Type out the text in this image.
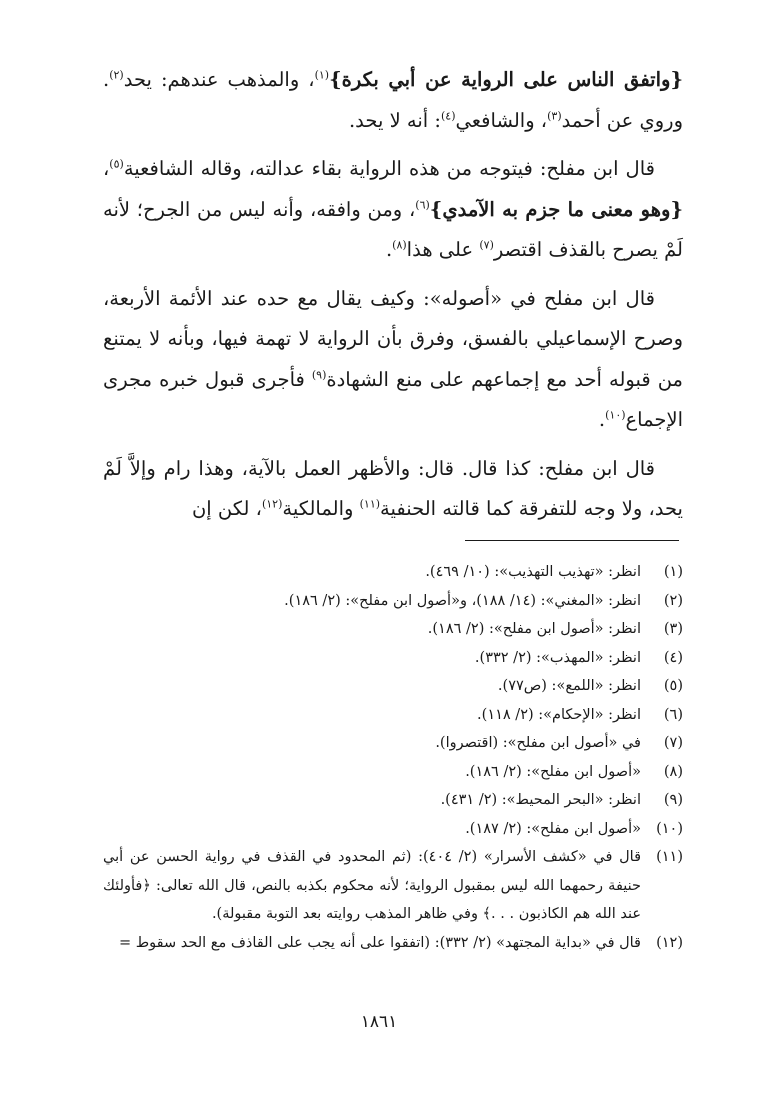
{واتفق الناس على الرواية عن أبي بكرة}$^{(١)}$، والمذهب عندهم: يحد$^{(٢)}$. وروي عن أحمد$^{(٣)}$، والشافعي$^{(٤)}$: أنه لا يحد.

قال ابن مفلح: فيتوجه من هذه الرواية بقاء عدالته، وقاله الشافعية$^{(٥)}$، {وهو معنى ما جزم به الآمدي}$^{(٦)}$، ومن وافقه، وأنه ليس من الجرح؛ لأنه لَمْ يصرح بالقذف اقتصر$^{(٧)}$ على هذا$^{(٨)}$.

قال ابن مفلح في «أصوله»: وكيف يقال مع حده عند الأئمة الأربعة، وصرح الإسماعيلي بالفسق، وفرق بأن الرواية لا تهمة فيها، وبأنه لا يمتنع من قبوله أحد مع إجماعهم على منع الشهادة$^{(٩)}$ فأجرى قبول خبره مجرى الإجماع$^{(١٠)}$.

قال ابن مفلح: كذا قال. قال: والأظهر العمل بالآية، وهذا رام وإلاَّ لَمْ يحد، ولا وجه للتفرقة كما قالته الحنفية$^{(١١)}$ والمالكية$^{(١٢)}$، لكن إن

(١)
انظر: «تهذيب التهذيب»: (١٠/ ٤٦٩).
(٢)
انظر: «المغني»: (١٤/ ١٨٨)، و«أصول ابن مفلح»: (٢/ ١٨٦).
(٣)
انظر: «أصول ابن مفلح»: (٢/ ١٨٦).
(٤)
انظر: «المهذب»: (٢/ ٣٣٢).
(٥)
انظر: «اللمع»: (ص٧٧).
(٦)
انظر: «الإحكام»: (٢/ ١١٨).
(٧)
في «أصول ابن مفلح»: (اقتصروا).
(٨)
«أصول ابن مفلح»: (٢/ ١٨٦).
(٩)
انظر: «البحر المحيط»: (٢/ ٤٣١).
(١٠)
«أصول ابن مفلح»: (٢/ ١٨٧).
(١١)
قال في «كشف الأسرار» (٢/ ٤٠٤): (ثم المحدود في القذف في رواية الحسن عن أبي حنيفة رحمهما الله ليس بمقبول الرواية؛ لأنه محكوم بكذبه بالنص، قال الله تعالى: ﴿فأولئك عند الله هم الكاذبون . . .﴾ وفي ظاهر المذهب روايته بعد التوبة مقبولة).
(١٢)
قال في «بداية المجتهد» (٢/ ٣٣٢): (اتفقوا على أنه يجب على القاذف مع الحد سقوط =
١٨٦١
